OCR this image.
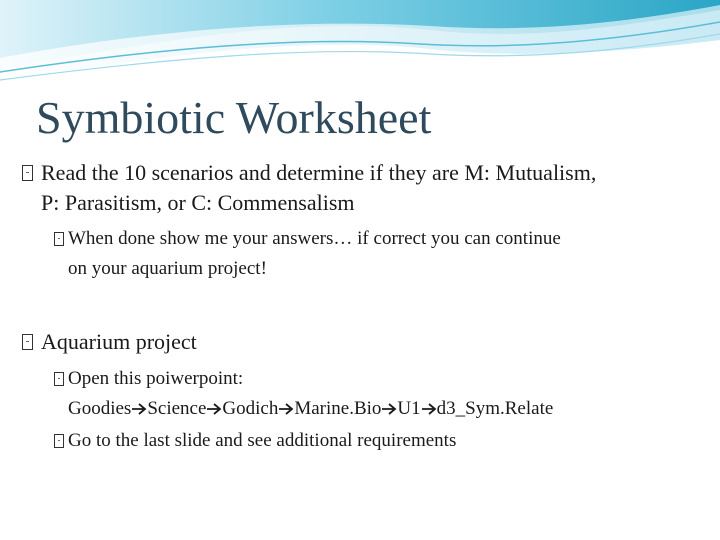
Symbiotic Worksheet
Read the 10 scenarios and determine if they are M: Mutualism,
P: Parasitism, or C: Commensalism
When done show me your answers… if correct you can continue
on your aquarium project!
Aquarium project
Open this poiwerpoint:
Goodies Science Godich Marine.Bio U1 d3_Sym.Relate
Go to the last slide and see additional requirements
